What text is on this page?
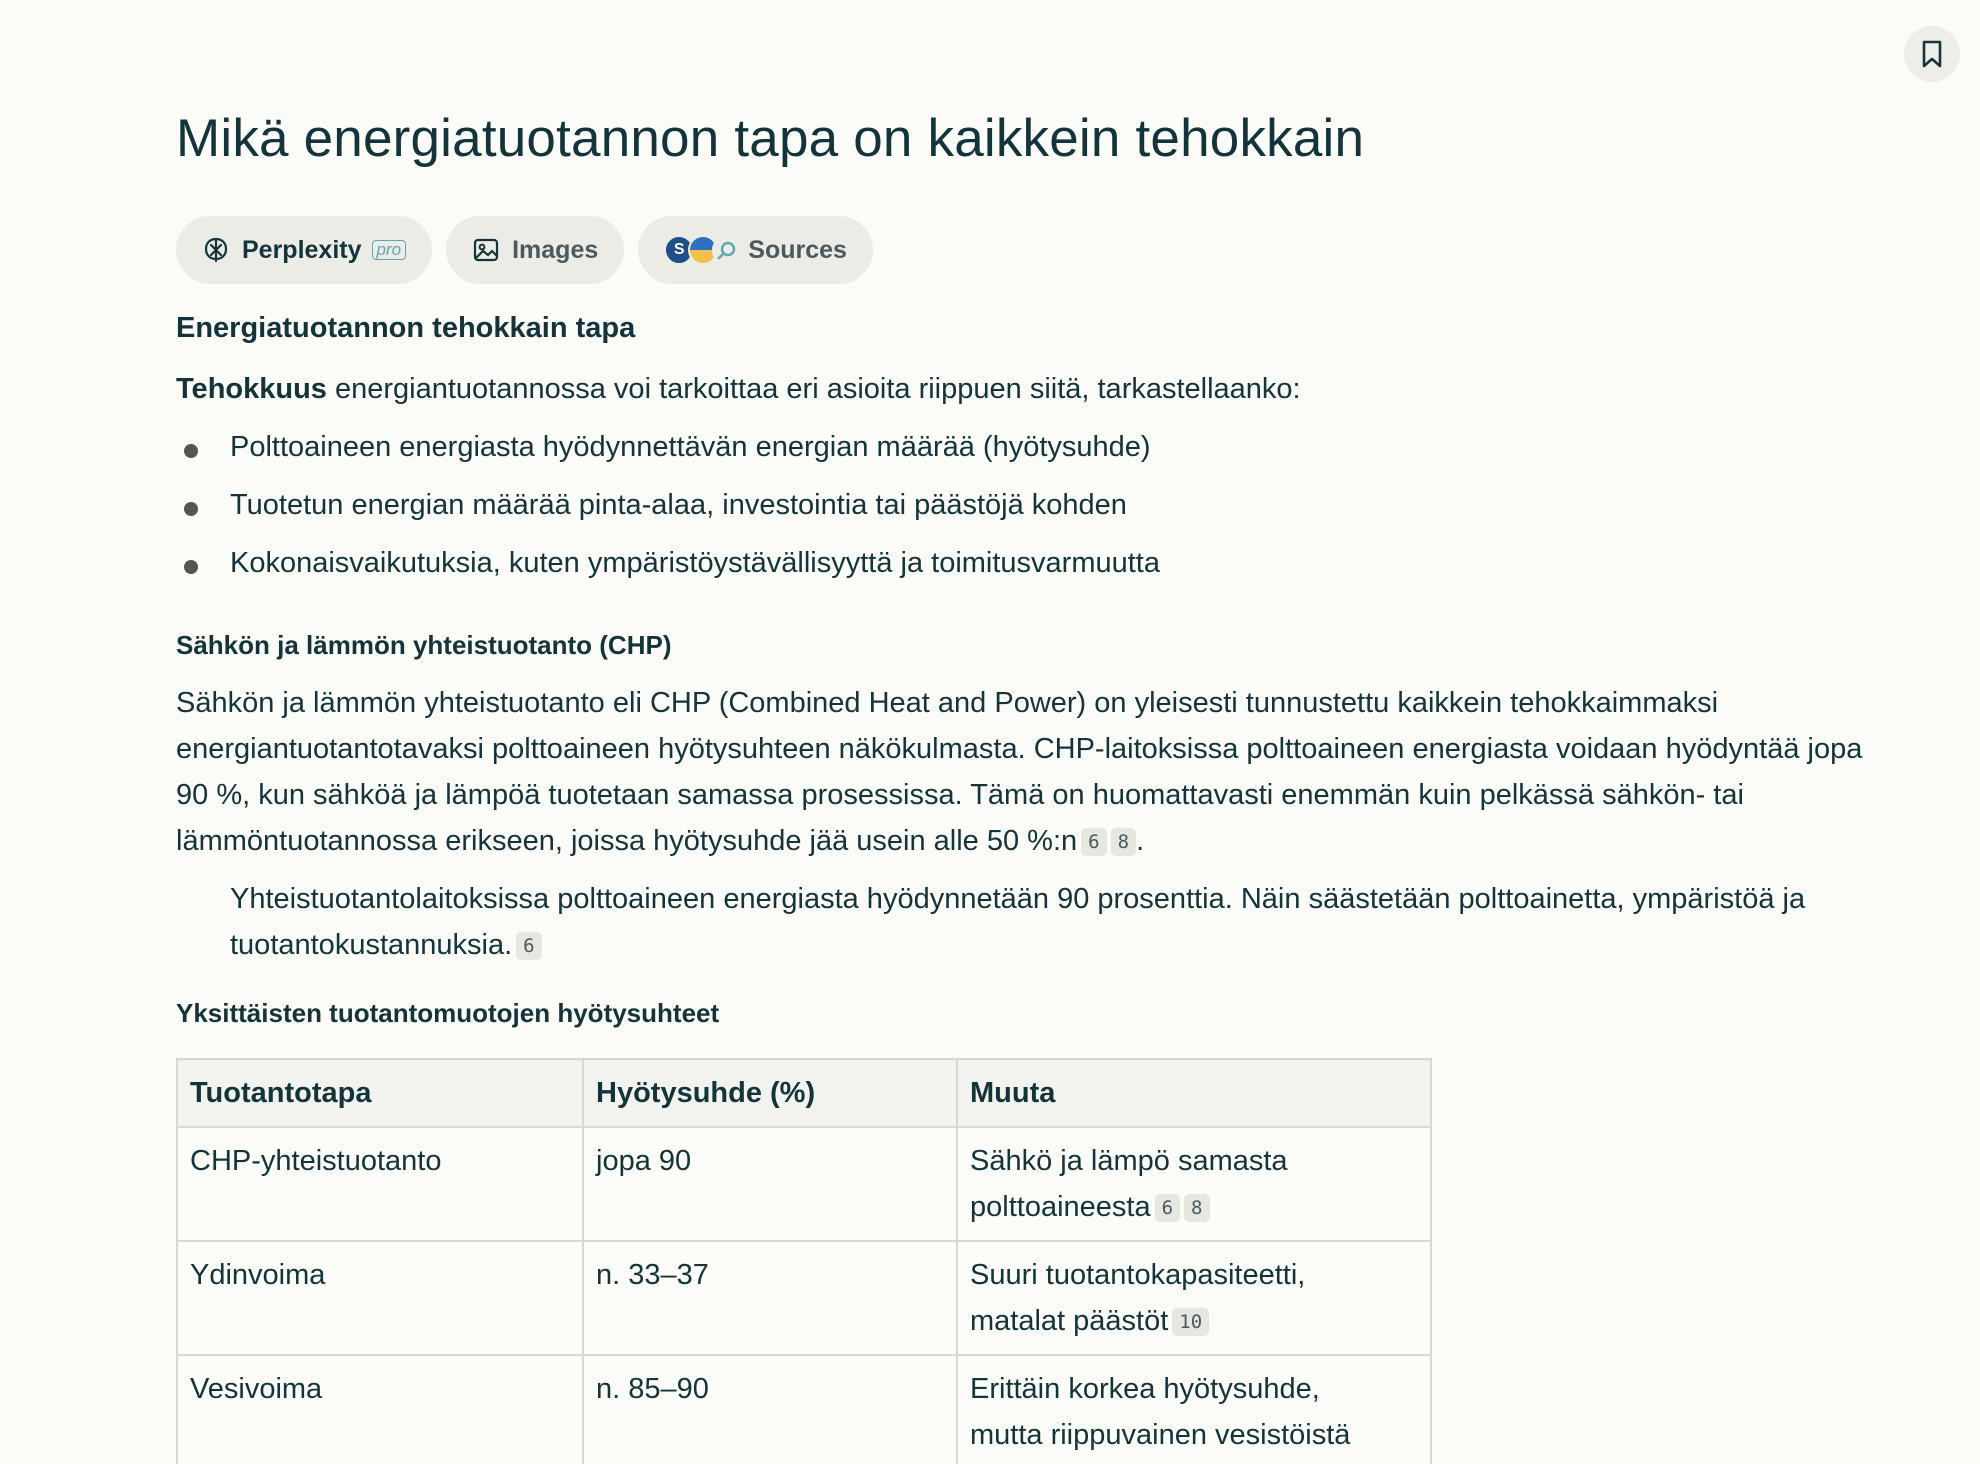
Mikä energiatuotannon tapa on kaikkein tehokkain
Perplexity pro	Images	S	Sources
Energiatuotannon tehokkain tapa

Tehokkuus energiantuotannossa voi tarkoittaa eri asioita riippuen siitä, tarkastellaanko:

Polttoaineen energiasta hyödynnettävän energian määrää (hyötysuhde)
Tuotetun energian määrää pinta-alaa, investointia tai päästöjä kohden
Kokonaisvaikutuksia, kuten ympäristöystävällisyyttä ja toimitusvarmuutta
Sähkön ja lämmön yhteistuotanto (CHP)

Sähkön ja lämmön yhteistuotanto eli CHP (Combined Heat and Power) on yleisesti tunnustettu kaikkein tehokkaimmaksi energiantuotantotavaksi polttoaineen hyötysuhteen näkökulmasta. CHP-laitoksissa polttoaineen energiasta voidaan hyödyntää jopa 90 %, kun sähköä ja lämpöä tuotetaan samassa prosessissa. Tämä on huomattavasti enemmän kuin pelkässä sähkön- tai lämmöntuotannossa erikseen, joissa hyötysuhde jää usein alle 50 %:n 6 8 .

Yhteistuotantolaitoksissa polttoaineen energiasta hyödynnetään 90 prosenttia. Näin säästetään polttoainetta, ympäristöä ja tuotantokustannuksia. 6

Yksittäisten tuotantomuotojen hyötysuhteet
Tuotantotapa	Hyötysuhde (%)	Muuta
CHP-yhteistuotanto	jopa 90	Sähkö ja lämpö samasta
polttoaineesta 6 8
Ydinvoima	n. 33–37	Suuri tuotantokapasiteetti,
matalat päästöt 10
Vesivoima	n. 85–90	Erittäin korkea hyötysuhde,
mutta riippuvainen vesistöistä
